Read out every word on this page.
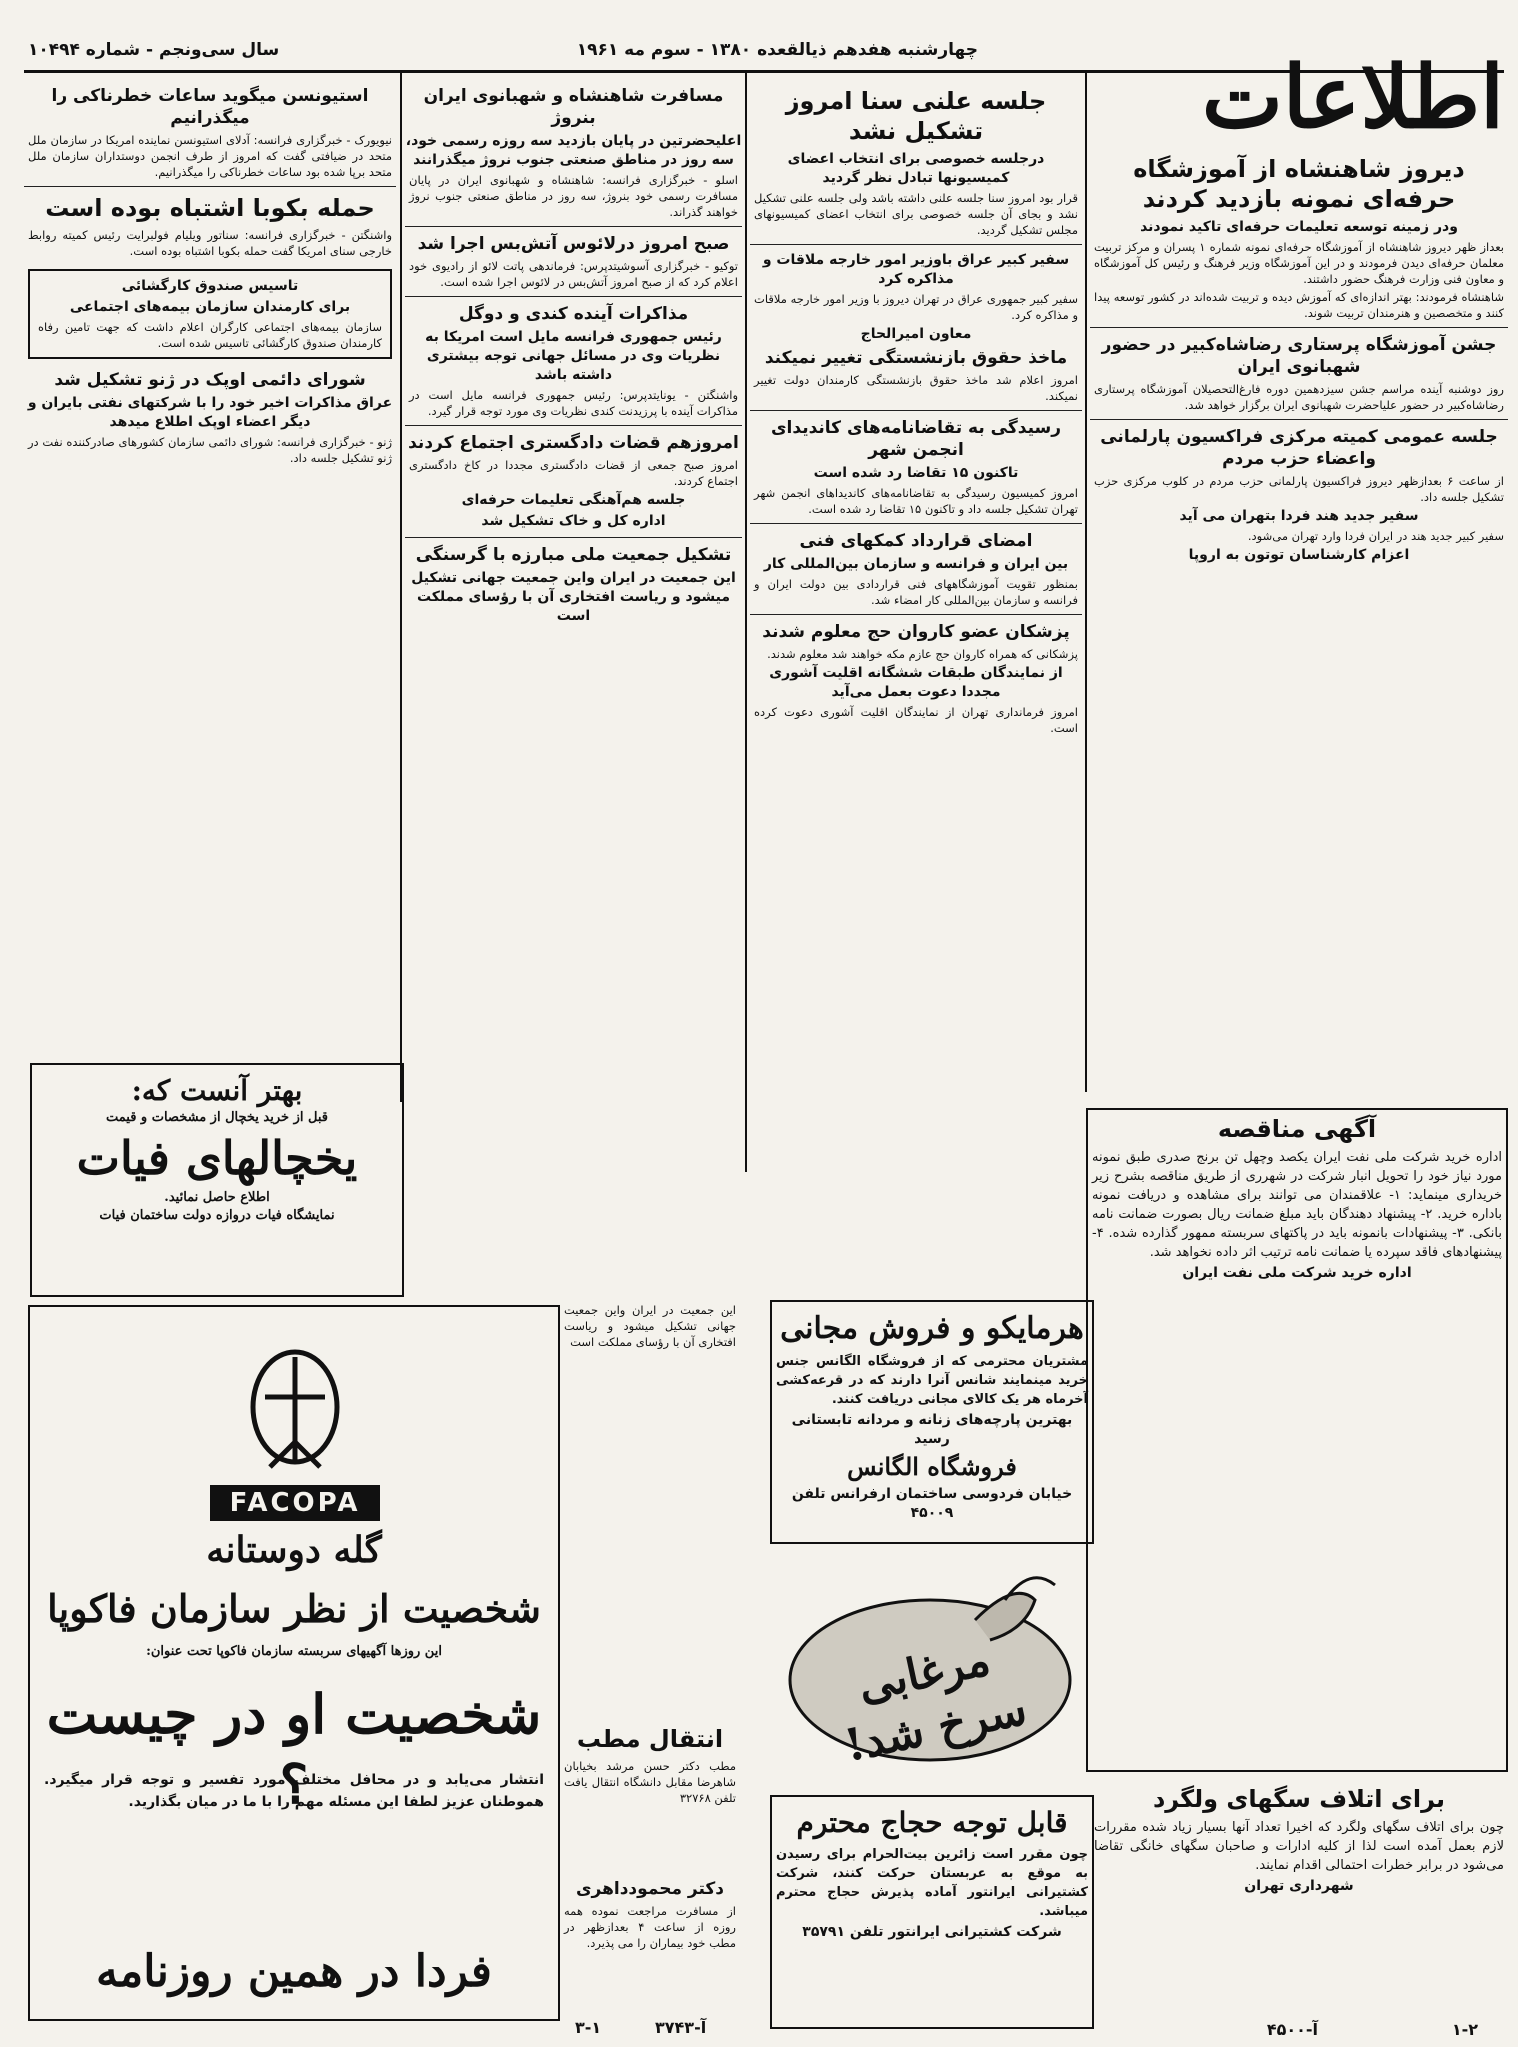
اطلاعات
چهارشنبه هفدهم ذیالقعده ۱۳۸۰ - سوم مه ۱۹۶۱
سال سی‌ونجم - شماره ۱۰۴۹۴
دیروز شاهنشاه از آموزشگاه حرفه‌ای نمونه بازدید کردند
ودر زمینه توسعه تعلیمات حرفه‌ای تاکید نمودند
بعداز ظهر دیروز شاهنشاه از آموزشگاه حرفه‌ای نمونه شماره ۱ پسران و مرکز تربیت معلمان حرفه‌ای دیدن فرمودند و در این آموزشگاه وزیر فرهنگ و رئیس کل آموزشگاه و معاون فنی وزارت فرهنگ حضور داشتند.
شاهنشاه فرمودند: بهتر اندازه‌ای که آموزش دیده و تربیت شده‌اند در کشور توسعه پیدا کنند و متخصصین و هنرمندان تربیت شوند.
جشن آموزشگاه پرستاری رضاشاه‌کبیر در حضور شهبانوی ایران
روز دوشنبه آینده مراسم جشن سیزدهمین دوره فارغ‌التحصیلان آموزشگاه پرستاری رضاشاه‌کبیر در حضور علیاحضرت شهبانوی ایران برگزار خواهد شد.
جلسه عمومی کمیته مرکزی فراکسیون پارلمانی واعضاء حزب مردم
از ساعت ۶ بعدازظهر دیروز فراکسیون پارلمانی حزب مردم در کلوب مرکزی حزب تشکیل جلسه داد.
سفیر جدید هند فردا بتهران می آید
سفیر کبیر جدید هند در ایران فردا وارد تهران می‌شود.
اعزام کارشناسان توتون به اروپا
آگهی مناقصه
اداره خرید شرکت ملی نفت ایران یکصد وچهل تن برنج صدری طبق نمونه مورد نیاز خود را تحویل انبار شرکت در شهرری از طریق مناقصه بشرح زیر خریداری مینماید: ۱- علاقمندان می توانند برای مشاهده و دریافت نمونه باداره خرید. ۲- پیشنهاد دهندگان باید مبلغ ضمانت ریال بصورت ضمانت نامه بانکی. ۳- پیشنهادات بانمونه باید در پاکتهای سربسته ممهور گذارده شده. ۴- پیشنهادهای فاقد سپرده یا ضمانت نامه ترتیب اثر داده نخواهد شد.
اداره خرید شرکت ملی نفت ایران
برای اتلاف سگهای ولگرد
چون برای اتلاف سگهای ولگرد که اخیرا تعداد آنها بسیار زیاد شده مقررات لازم بعمل آمده است لذا از کلیه ادارات و صاحبان سگهای خانگی تقاضا می‌شود در برابر خطرات احتمالی اقدام نمایند.
شهرداری تهران
جلسه علنی سنا امروز تشکیل نشد
درجلسه خصوصی برای انتخاب اعضای کمیسیونها تبادل نظر گردید
قرار بود امروز سنا جلسه علنی داشته باشد ولی جلسه علنی تشکیل نشد و بجای آن جلسه خصوصی برای انتخاب اعضای کمیسیونهای مجلس تشکیل گردید.
سفیر کبیر عراق باوزیر امور خارجه ملاقات و مذاکره کرد
سفیر کبیر جمهوری عراق در تهران دیروز با وزیر امور خارجه ملاقات و مذاکره کرد.
معاون امیرالحاج
ماخذ حقوق بازنشستگی تغییر نمیکند
امروز اعلام شد ماخذ حقوق بازنشستگی کارمندان دولت تغییر نمیکند.
رسیدگی به تقاضانامه‌های کاندیدای انجمن شهر
تاکنون ۱۵ تقاضا رد شده است
امروز کمیسیون رسیدگی به تقاضانامه‌های کاندیداهای انجمن شهر تهران تشکیل جلسه داد و تاکنون ۱۵ تقاضا رد شده است.
امضای قرارداد کمکهای فنی
بین ایران و فرانسه و سازمان بین‌المللی کار
بمنظور تقویت آموزشگاههای فنی قراردادی بین دولت ایران و فرانسه و سازمان بین‌المللی کار امضاء شد.
پزشکان عضو کاروان حج معلوم شدند
پزشکانی که همراه کاروان حج عازم مکه خواهند شد معلوم شدند.
از نمایندگان طبقات ششگانه اقلیت آشوری مجددا دعوت بعمل می‌آید
امروز فرمانداری تهران از نمایندگان اقلیت آشوری دعوت کرده است.
مسافرت شاهنشاه و شهبانوی ایران بنروژ
اعلیحضرتین در پایان بازدید سه روزه رسمی خود، سه روز در مناطق صنعتی جنوب نروژ میگذرانند
اسلو - خبرگزاری فرانسه: شاهنشاه و شهبانوی ایران در پایان مسافرت رسمی خود بنروژ، سه روز در مناطق صنعتی جنوب نروژ خواهند گذراند.
صبح امروز درلائوس آتش‌بس اجرا شد
توکیو - خبرگزاری آسوشیتدپرس: فرماندهی پاتت لائو از رادیوی خود اعلام کرد که از صبح امروز آتش‌بس در لائوس اجرا شده است.
مذاکرات آینده کندی و دوگل
رئیس جمهوری فرانسه مایل است امریکا به نظریات وی در مسائل جهانی توجه بیشتری داشته باشد
واشنگتن - یونایتدپرس: رئیس جمهوری فرانسه مایل است در مذاکرات آینده با پرزیدنت کندی نظریات وی مورد توجه قرار گیرد.
امروزهم قضات دادگستری اجتماع کردند
امروز صبح جمعی از قضات دادگستری مجددا در کاخ دادگستری اجتماع کردند.
جلسه هم‌آهنگی تعلیمات حرفه‌ای
اداره کل و خاک تشکیل شد
تشکیل جمعیت ملی مبارزه با گرسنگی
این جمعیت در ایران واین جمعیت جهانی تشکیل میشود و ریاست افتخاری آن با رؤسای مملکت است
استیونسن میگوید ساعات خطرناکی را میگذرانیم
نیویورک - خبرگزاری فرانسه: آدلای استیونسن نماینده امریکا در سازمان ملل متحد در ضیافتی گفت که امروز از طرف انجمن دوستداران سازمان ملل متحد برپا شده بود ساعات خطرناکی را میگذرانیم.
حمله بکوبا اشتباه بوده است
واشنگتن - خبرگزاری فرانسه: سناتور ویلیام فولبرایت رئیس کمیته روابط خارجی سنای امریکا گفت حمله بکوبا اشتباه بوده است.
تاسیس صندوق کارگشائی
برای کارمندان سازمان بیمه‌های اجتماعی
سازمان بیمه‌های اجتماعی کارگران اعلام داشت که جهت تامین رفاه کارمندان صندوق کارگشائی تاسیس شده است.
شورای دائمی اوپک در ژنو تشکیل شد
عراق مذاکرات اخیر خود را با شرکتهای نفتی بایران و دیگر اعضاء اوپک اطلاع میدهد
ژنو - خبرگزاری فرانسه: شورای دائمی سازمان کشورهای صادرکننده نفت در ژنو تشکیل جلسه داد.
بهتر آنست که:
قبل از خرید یخچال از مشخصات و قیمت
یخچالهای فیات
اطلاع حاصل نمائید.
نمایشگاه فیات دروازه دولت ساختمان فیات
FACOPA
گله دوستانه
شخصیت از نظر سازمان فاکوپا
این روزها آگهیهای سربسته سازمان فاکوپا تحت عنوان:
شخصیت او در چیست ؟
انتشار می‌یابد و در محافل مختلف مورد تفسیر و توجه قرار میگیرد. هموطنان عزیز لطفا این مسئله مهم را با ما در میان بگذارید.
فردا در همین روزنامه
هرمایکو و فروش مجانی
مشتریان محترمی که از فروشگاه الگانس جنس خرید مینمایند شانس آنرا دارند که در قرعه‌کشی آخرماه هر یک کالای مجانی دریافت کنند.
بهترین پارچه‌های زنانه و مردانه تابستانی رسید
فروشگاه الگانس
خیابان فردوسی ساختمان ارفرانس تلفن ۴۵۰۰۹
مرغابی سرخ شد!
قابل توجه حجاج محترم
چون مقرر است زائرین بیت‌الحرام برای رسیدن به موقع به عربستان حرکت کنند، شرکت کشتیرانی ایرانتور آماده پذیرش حجاج محترم میباشد.
شرکت کشتیرانی ایرانتور تلفن ۳۵۷۹۱
این جمعیت در ایران واین جمعیت جهانی تشکیل میشود و ریاست افتخاری آن با رؤسای مملکت است
انتقال مطب
مطب دکتر حسن مرشد بخیابان شاهرضا مقابل دانشگاه انتقال یافت تلفن ۳۲۷۶۸
دکتر محمودداهری
از مسافرت مراجعت نموده همه روزه از ساعت ۴ بعدازظهر در مطب خود بیماران را می پذیرد.
۳-۱	آ-۳۷۴۳	۱-۲
آ-۴۵۰۰
